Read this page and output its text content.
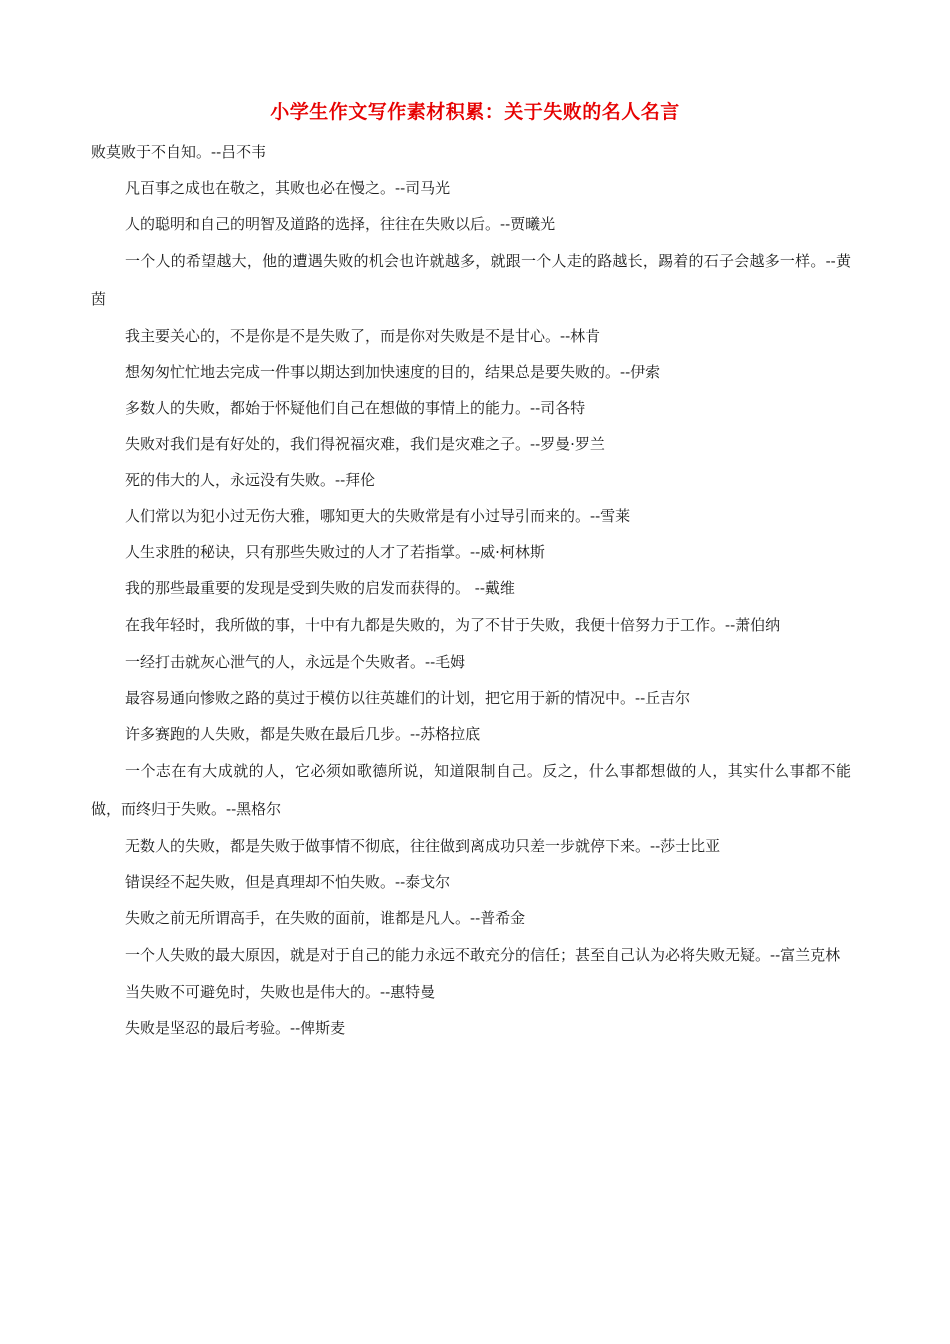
小学生作文写作素材积累：关于失败的名人名言

败莫败于不自知。--吕不韦

凡百事之成也在敬之，其败也必在慢之。--司马光

人的聪明和自己的明智及道路的选择，往往在失败以后。--贾曦光

一个人的希望越大，他的遭遇失败的机会也许就越多，就跟一个人走的路越长，踢着的石子会越多一样。--黄茵

我主要关心的，不是你是不是失败了，而是你对失败是不是甘心。--林肯

想匆匆忙忙地去完成一件事以期达到加快速度的目的，结果总是要失败的。--伊索

多数人的失败，都始于怀疑他们自己在想做的事情上的能力。--司各特

失败对我们是有好处的，我们得祝福灾难，我们是灾难之子。--罗曼·罗兰

死的伟大的人，永远没有失败。--拜伦

人们常以为犯小过无伤大雅，哪知更大的失败常是有小过导引而来的。--雪莱

人生求胜的秘诀，只有那些失败过的人才了若指掌。--威·柯林斯

我的那些最重要的发现是受到失败的启发而获得的。 --戴维

在我年轻时，我所做的事，十中有九都是失败的，为了不甘于失败，我便十倍努力于工作。--萧伯纳

一经打击就灰心泄气的人，永远是个失败者。--毛姆

最容易通向惨败之路的莫过于模仿以往英雄们的计划，把它用于新的情况中。--丘吉尔

许多赛跑的人失败，都是失败在最后几步。--苏格拉底

一个志在有大成就的人，它必须如歌德所说，知道限制自己。反之，什么事都想做的人，其实什么事都不能做，而终归于失败。--黑格尔

无数人的失败，都是失败于做事情不彻底，往往做到离成功只差一步就停下来。--莎士比亚

错误经不起失败，但是真理却不怕失败。--泰戈尔

失败之前无所谓高手，在失败的面前，谁都是凡人。--普希金

一个人失败的最大原因，就是对于自己的能力永远不敢充分的信任；甚至自己认为必将失败无疑。--富兰克林

当失败不可避免时，失败也是伟大的。--惠特曼

失败是坚忍的最后考验。--俾斯麦
